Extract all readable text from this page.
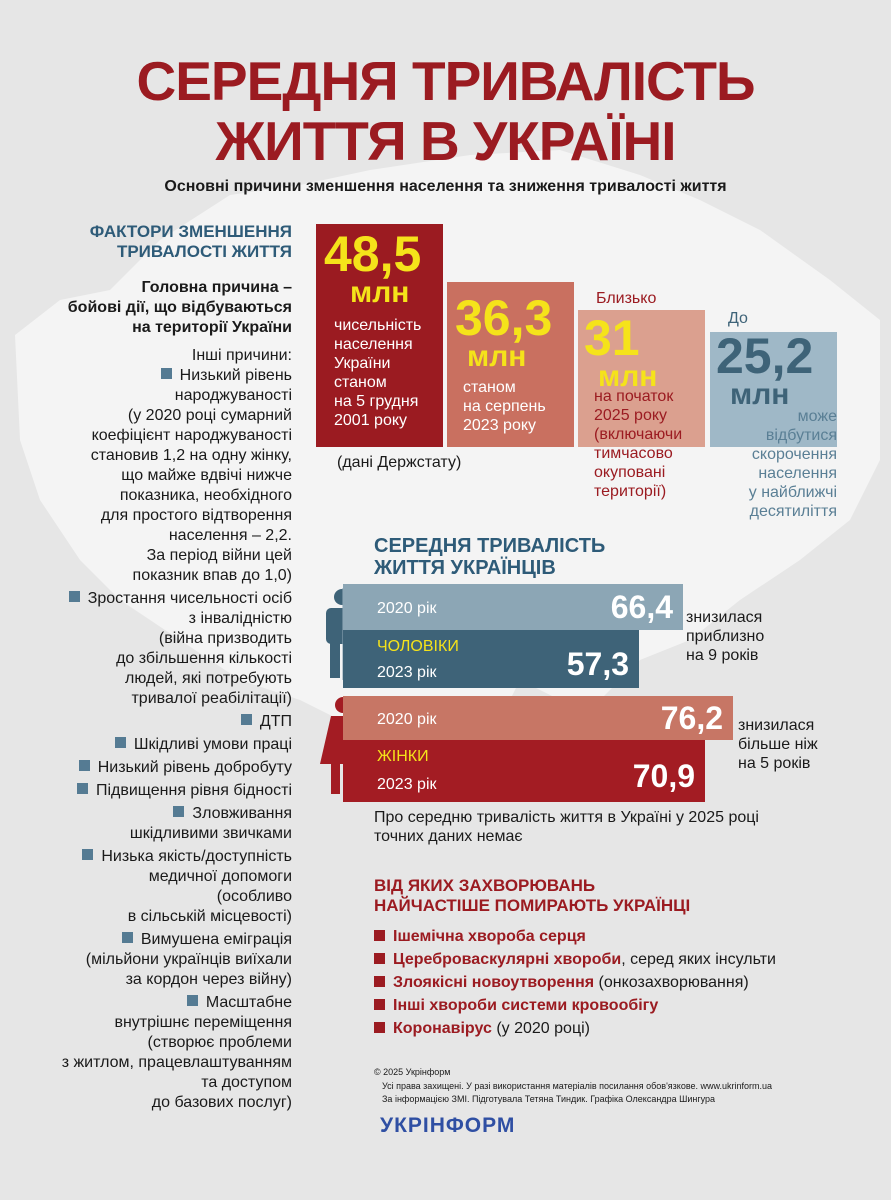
СЕРЕДНЯ ТРИВАЛІСТЬ
ЖИТТЯ В УКРАЇНІ
Основні причини зменшення населення та зниження тривалості життя
ФАКТОРИ ЗМЕНШЕННЯ
ТРИВАЛОСТІ ЖИТТЯ
Головна причина –
бойові дії, що відбуваються
на території України
Інші причини:
Низький рівень
народжуваності
(у 2020 році сумарний
коефіцієнт народжуваності
становив 1,2 на одну жінку,
що майже вдвічі нижче
показника, необхідного
для простого відтворення
населення – 2,2.
За період війни цей
показник впав до 1,0)
Зростання чисельності осіб
з інвалідністю
(війна призводить
до збільшення кількості
людей, які потребують
тривалої реабілітації)
ДТП
Шкідливі умови праці
Низький рівень добробуту
Підвищення рівня бідності
Зловживання
шкідливими звичками
Низька якість/доступність
медичної допомоги
(особливо
в сільській місцевості)
Вимушена еміграція
(мільйони українців виїхали
за кордон через війну)
Масштабне
внутрішнє переміщення
(створює проблеми
з житлом, працевлаштуванням
та доступом
до базових послуг)
48,5
млн
чисельність
населення
України
станом
на 5 грудня
2001 року
36,3
млн
станом
на серпень
2023 року
Близько
31
млн
на початок
2025 року
(включаючи
тимчасово
окуповані
території)
До
25,2
млн
може
відбутися
скорочення
населення
у найближчі
десятиліття
(дані Держстату)
СЕРЕДНЯ ТРИВАЛІСТЬ
ЖИТТЯ УКРАЇНЦІВ
2020 рік	66,4
ЧОЛОВІКИ
2023 рік	57,3
знизилася
приблизно
на 9 років
2020 рік	76,2
ЖІНКИ
2023 рік	70,9
знизилася
більше ніж
на 5 років
Про середню тривалість життя в Україні у 2025 році
точних даних немає
ВІД ЯКИХ ЗАХВОРЮВАНЬ
НАЙЧАСТІШЕ ПОМИРАЮТЬ УКРАЇНЦІ
Ішемічна хвороба серця
Цереброваскулярні хвороби, серед яких інсульти
Злоякісні новоутворення (онкозахворювання)
Інші хвороби системи кровообігу
Коронавірус (у 2020 році)
© 2025 Укрінформ
Усі права захищені. У разі використання матеріалів посилання обов'язкове. www.ukrinform.ua
За інформацією ЗМІ. Підготувала Тетяна Тиндик. Графіка Олександра Шингура
УКРІНФОРМ
